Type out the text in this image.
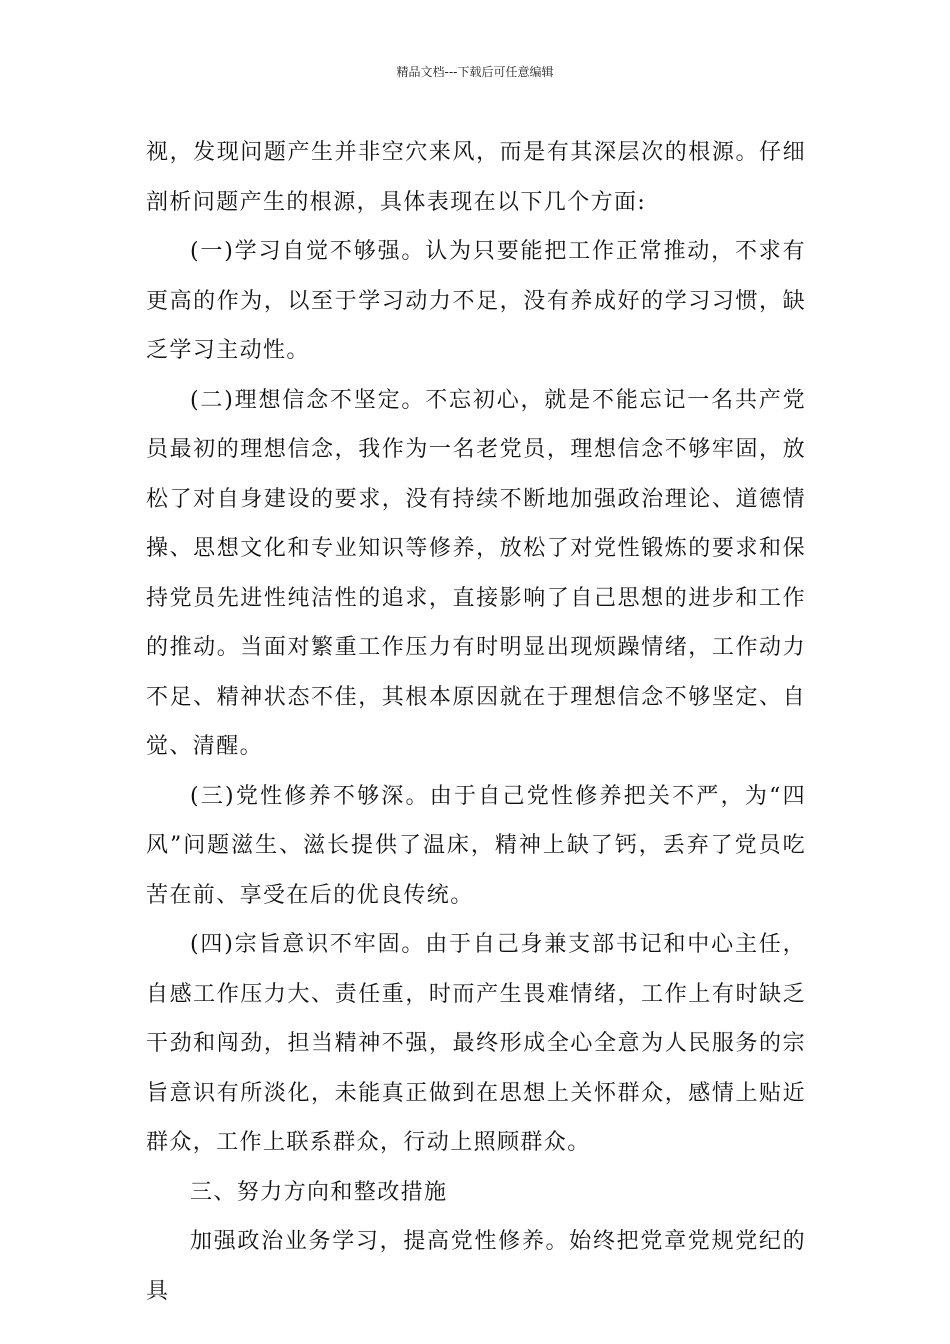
精品文档---下载后可任意编辑

视，发现问题产生并非空穴来风，而是有其深层次的根源。仔细剖析问题产生的根源，具体表现在以下几个方面:

(一)学习自觉不够强。认为只要能把工作正常推动，不求有更高的作为，以至于学习动力不足，没有养成好的学习习惯，缺乏学习主动性。

(二)理想信念不坚定。不忘初心，就是不能忘记一名共产党员最初的理想信念，我作为一名老党员，理想信念不够牢固，放松了对自身建设的要求，没有持续不断地加强政治理论、道德情操、思想文化和专业知识等修养，放松了对党性锻炼的要求和保持党员先进性纯洁性的追求，直接影响了自己思想的进步和工作的推动。当面对繁重工作压力有时明显出现烦躁情绪，工作动力不足、精神状态不佳，其根本原因就在于理想信念不够坚定、自觉、清醒。

(三)党性修养不够深。由于自己党性修养把关不严，为“四风”问题滋生、滋长提供了温床，精神上缺了钙，丢弃了党员吃苦在前、享受在后的优良传统。

(四)宗旨意识不牢固。由于自己身兼支部书记和中心主任，自感工作压力大、责任重，时而产生畏难情绪，工作上有时缺乏干劲和闯劲，担当精神不强，最终形成全心全意为人民服务的宗旨意识有所淡化，未能真正做到在思想上关怀群众，感情上贴近群众，工作上联系群众，行动上照顾群众。

三、努力方向和整改措施

加强政治业务学习，提高党性修养。始终把党章党规党纪的具
